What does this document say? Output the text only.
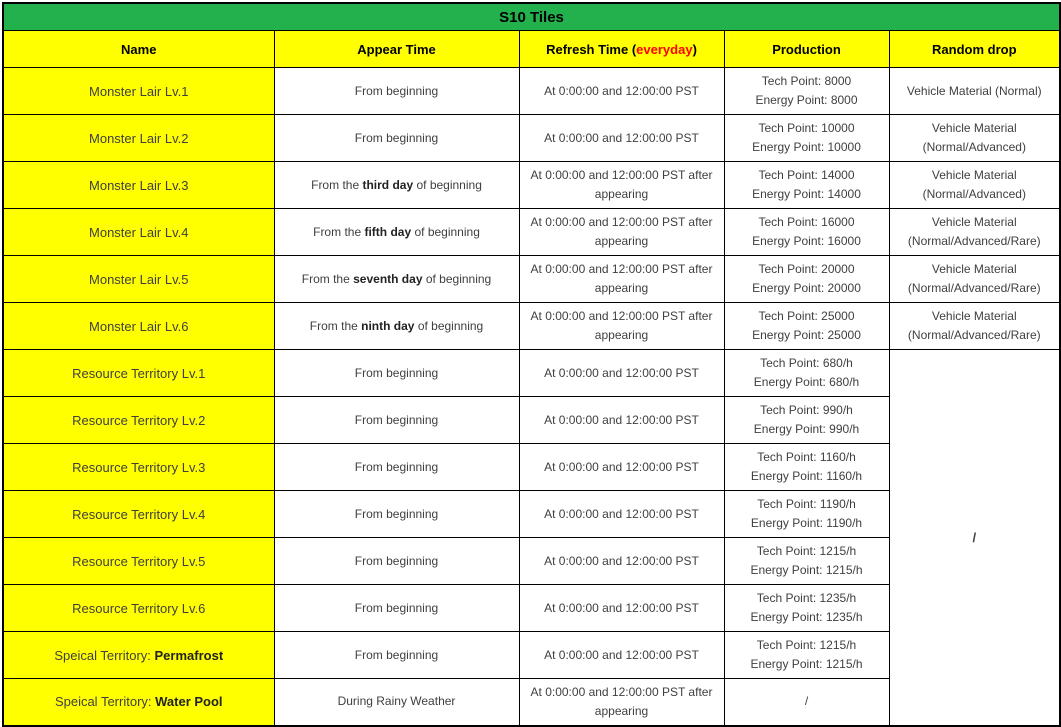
S10 Tiles				
Name	Appear Time	Refresh Time (everyday)	Production	Random drop
Monster Lair Lv.1	From beginning	At 0:00:00 and 12:00:00 PST	Tech Point: 8000
Energy Point: 8000	Vehicle Material (Normal)
Monster Lair Lv.2	From beginning	At 0:00:00 and 12:00:00 PST	Tech Point: 10000
Energy Point: 10000	Vehicle Material (Normal/Advanced)
Monster Lair Lv.3	From the third day of beginning	At 0:00:00 and 12:00:00 PST after appearing	Tech Point: 14000
Energy Point: 14000	Vehicle Material (Normal/Advanced)
Monster Lair Lv.4	From the fifth day of beginning	At 0:00:00 and 12:00:00 PST after appearing	Tech Point: 16000
Energy Point: 16000	Vehicle Material (Normal/Advanced/Rare)
Monster Lair Lv.5	From the seventh day of beginning	At 0:00:00 and 12:00:00 PST after appearing	Tech Point: 20000
Energy Point: 20000	Vehicle Material (Normal/Advanced/Rare)
Monster Lair Lv.6	From the ninth day of beginning	At 0:00:00 and 12:00:00 PST after appearing	Tech Point: 25000
Energy Point: 25000	Vehicle Material (Normal/Advanced/Rare)
Resource Territory Lv.1	From beginning	At 0:00:00 and 12:00:00 PST	Tech Point: 680/h
Energy Point: 680/h	/
Resource Territory Lv.2	From beginning	At 0:00:00 and 12:00:00 PST	Tech Point: 990/h
Energy Point: 990/h	

Resource Territory Lv.3	From beginning	At 0:00:00 and 12:00:00 PST	Tech Point: 1160/h
Energy Point: 1160/h	

Resource Territory Lv.4	From beginning	At 0:00:00 and 12:00:00 PST	Tech Point: 1190/h
Energy Point: 1190/h	

Resource Territory Lv.5	From beginning	At 0:00:00 and 12:00:00 PST	Tech Point: 1215/h
Energy Point: 1215/h	

Resource Territory Lv.6	From beginning	At 0:00:00 and 12:00:00 PST	Tech Point: 1235/h
Energy Point: 1235/h	

Speical Territory: Permafrost	From beginning	At 0:00:00 and 12:00:00 PST	Tech Point: 1215/h
Energy Point: 1215/h	

Speical Territory: Water Pool	During Rainy Weather	At 0:00:00 and 12:00:00 PST after appearing	/	
